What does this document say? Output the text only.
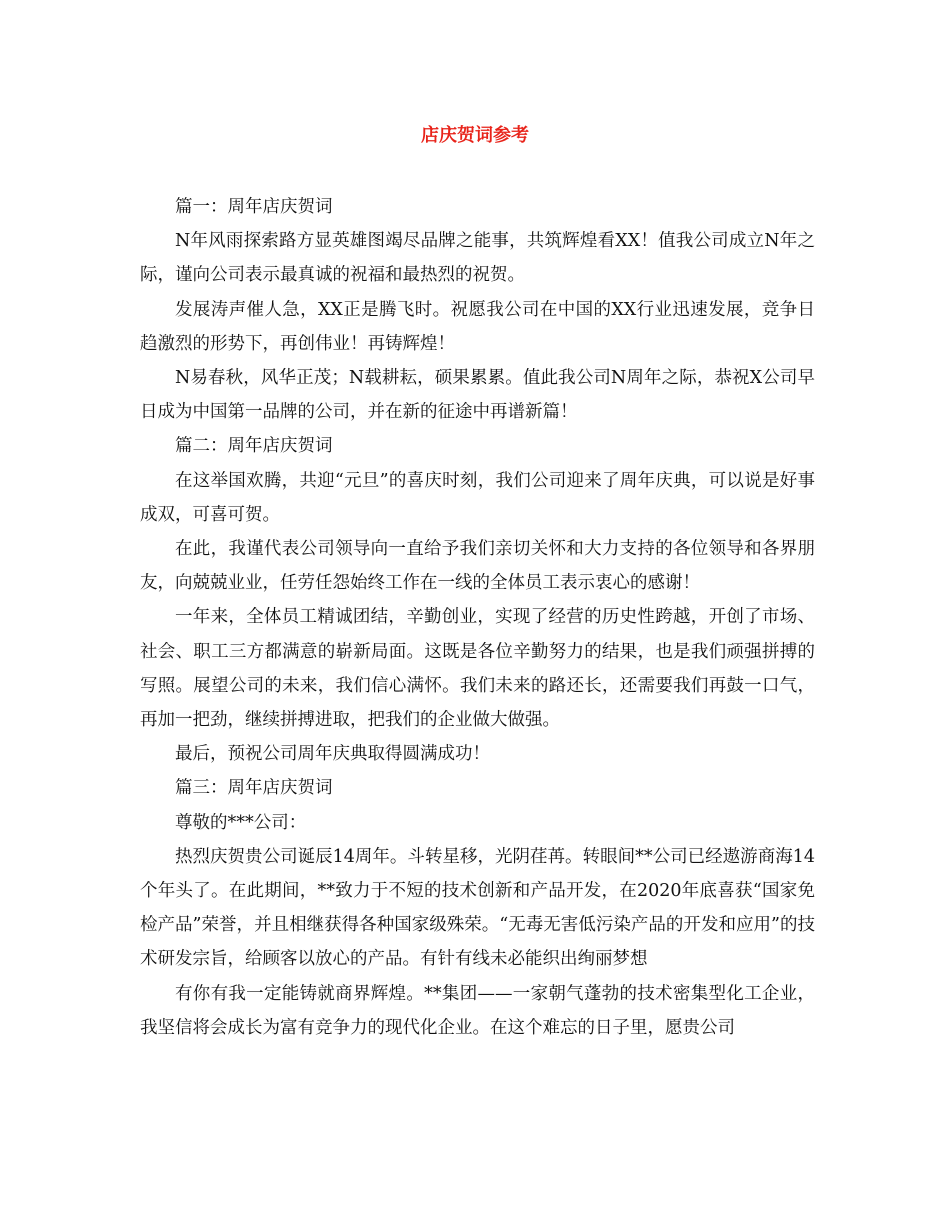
店庆贺词参考

篇一：周年店庆贺词

N年风雨探索路方显英雄图竭尽品牌之能事，共筑辉煌看XX！值我公司成立N年之际，谨向公司表示最真诚的祝福和最热烈的祝贺。

发展涛声催人急，XX正是腾飞时。祝愿我公司在中国的XX行业迅速发展，竞争日趋激烈的形势下，再创伟业！再铸辉煌！

N易春秋，风华正茂；N载耕耘，硕果累累。值此我公司N周年之际，恭祝X公司早日成为中国第一品牌的公司，并在新的征途中再谱新篇！

篇二：周年店庆贺词

在这举国欢腾，共迎“元旦”的喜庆时刻，我们公司迎来了周年庆典，可以说是好事成双，可喜可贺。

在此，我谨代表公司领导向一直给予我们亲切关怀和大力支持的各位领导和各界朋友，向兢兢业业，任劳任怨始终工作在一线的全体员工表示衷心的感谢！

一年来，全体员工精诚团结，辛勤创业，实现了经营的历史性跨越，开创了市场、社会、职工三方都满意的崭新局面。这既是各位辛勤努力的结果，也是我们顽强拼搏的写照。展望公司的未来，我们信心满怀。我们未来的路还长，还需要我们再鼓一口气，再加一把劲，继续拼搏进取，把我们的企业做大做强。

最后，预祝公司周年庆典取得圆满成功！

篇三：周年店庆贺词

尊敬的***公司：

热烈庆贺贵公司诞辰14周年。斗转星移，光阴荏苒。转眼间**公司已经遨游商海14个年头了。在此期间，**致力于不短的技术创新和产品开发，在2020年底喜获“国家免检产品”荣誉，并且相继获得各种国家级殊荣。“无毒无害低污染产品的开发和应用”的技术研发宗旨，给顾客以放心的产品。有针有线未必能织出绚丽梦想

有你有我一定能铸就商界辉煌。**集团——一家朝气蓬勃的技术密集型化工企业，我坚信将会成长为富有竞争力的现代化企业。在这个难忘的日子里，愿贵公司
